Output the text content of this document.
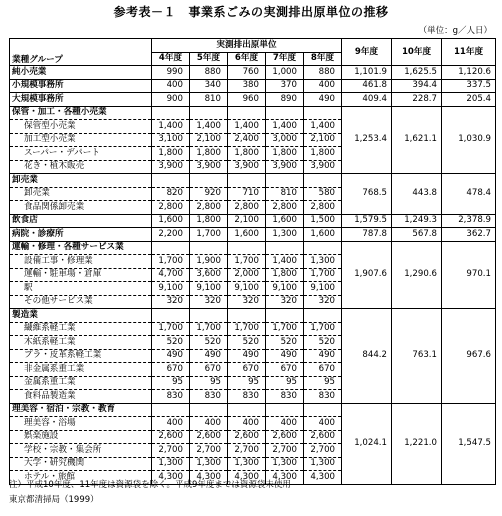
参考表－１　事業系ごみの実測排出原単位の推移
（単位：g／人日）
業種グループ	実測排出原単位					9年度	10年度	11年度
	4年度	5年度	6年度	7年度	8年度			
純小売業	990	880	760	1,000	880	1,101.9	1,625.5	1,120.6
小規模事務所	400	340	380	370	400	461.8	394.4	337.5
大規模事務所	900	810	960	890	490	409.4	228.7	205.4
保管・加工・各種小売業						1,253.4	1,621.1	1,030.9
保管型小売業	1,400	1,400	1,400	1,400	1,400			
加工型小売業	3,100	2,100	2,400	3,000	2,100			
スーパー・デパート	1,800	1,800	1,800	1,800	1,800			
花き・植木販売	3,900	3,900	3,900	3,900	3,900			
卸売業						768.5	443.8	478.4
卸売業	820	920	710	810	580			
食品関係卸売業	2,800	2,800	2,800	2,800	2,800			
飲食店	1,600	1,800	2,100	1,600	1,500	1,579.5	1,249.3	2,378.9
病院・診療所	2,200	1,700	1,600	1,300	1,600	787.8	567.8	362.7
運輸・修理・各種サービス業						1,907.6	1,290.6	970.1
設備工事・修理業	1,700	1,900	1,700	1,400	1,300			
運輸・駐車場・倉庫	4,700	3,600	2,000	1,800	1,700			
駅	9,100	9,100	9,100	9,100	9,100			
その他サービス業	320	320	320	320	320			
製造業						844.2	763.1	967.6
繊維系軽工業	1,700	1,700	1,700	1,700	1,700			
木紙系軽工業	520	520	520	520	520			
プラ・皮革系軽工業	490	490	490	490	490			
非金属系重工業	670	670	670	670	670			
金属系重工業	95	95	95	95	95			
食料品製造業	830	830	830	830	830			
理美容・宿泊・宗教・教育						1,024.1	1,221.0	1,547.5
理美容・浴場	400	400	400	400	400			
娯楽施設	2,600	2,600	2,600	2,600	2,600			
学校・宗教・集会所	2,700	2,700	2,700	2,700	2,700			
大学・研究機関	1,300	1,300	1,300	1,300	1,300			
ホテル・旅館	4,300	4,300	4,300	4,300	4,300			
注）平成10年度、11年度は資源袋を除く。平成9年度までは資源袋未使用
東京都清掃局（1999）
